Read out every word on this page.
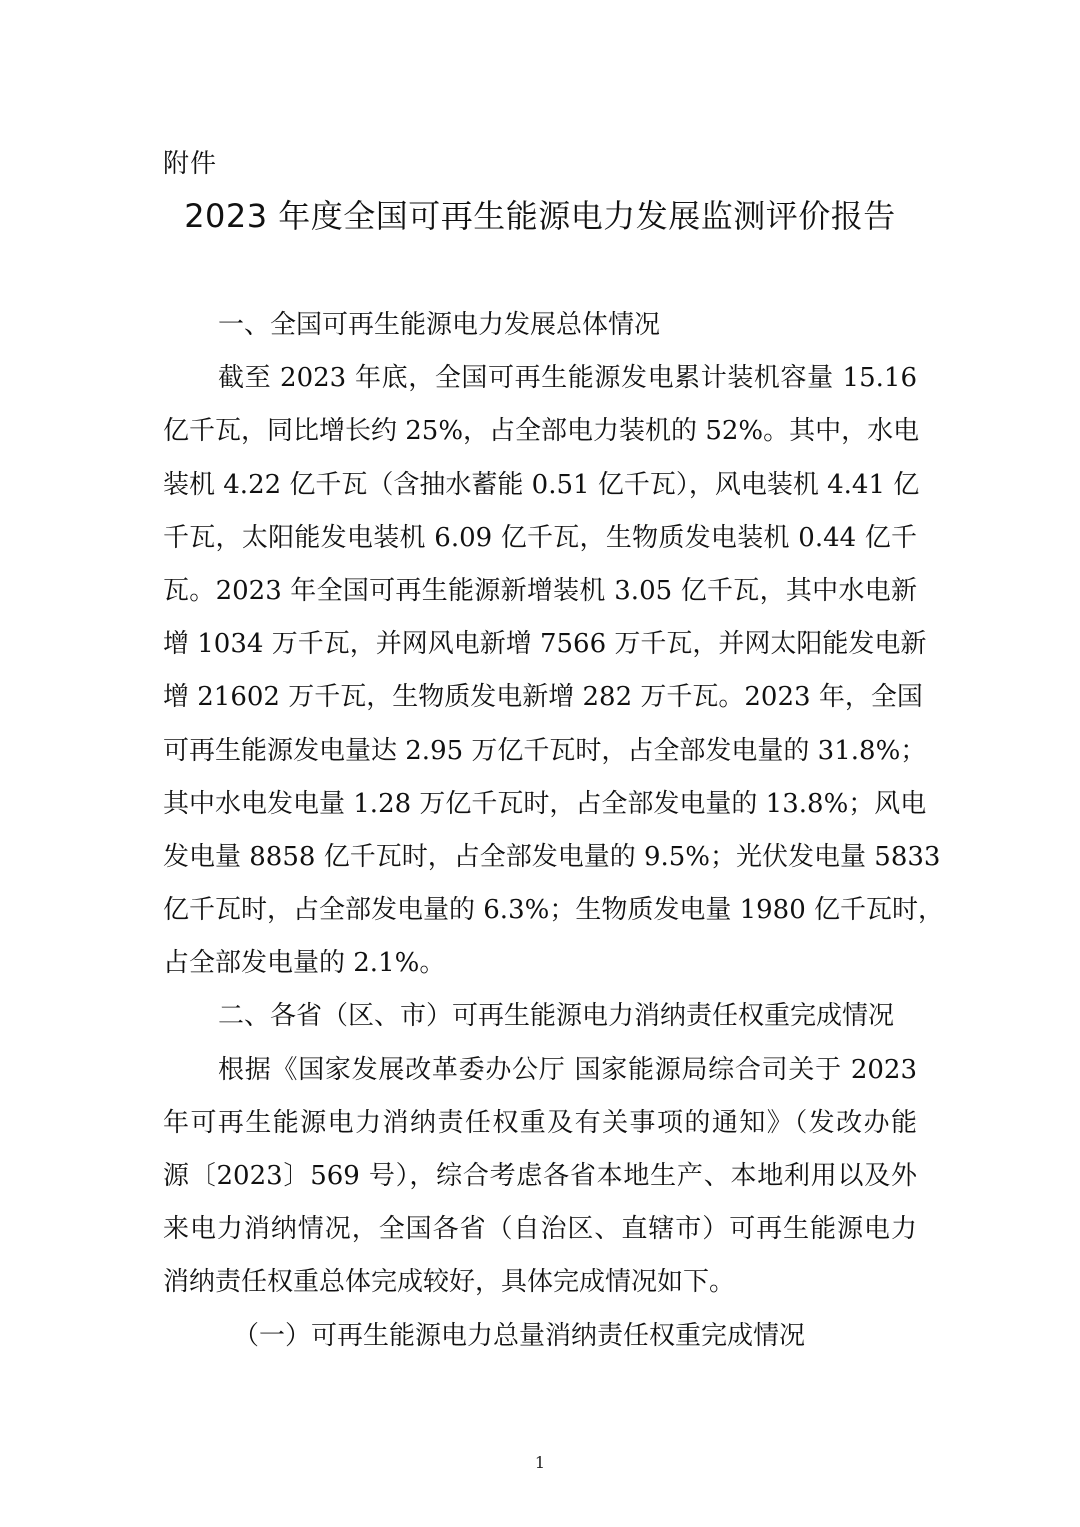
附件
2023 年度全国可再生能源电力发展监测评价报告
一、全国可再生能源电力发展总体情况
截至 2023 年底，全国可再生能源发电累计装机容量 15.16
亿千瓦，同比增长约 25%，占全部电力装机的 52%。其中，水电
装机 4.22 亿千瓦（含抽水蓄能 0.51 亿千瓦），风电装机 4.41 亿
千瓦，太阳能发电装机 6.09 亿千瓦，生物质发电装机 0.44 亿千
瓦。2023 年全国可再生能源新增装机 3.05 亿千瓦，其中水电新
增 1034 万千瓦，并网风电新增 7566 万千瓦，并网太阳能发电新
增 21602 万千瓦，生物质发电新增 282 万千瓦。2023 年，全国
可再生能源发电量达 2.95 万亿千瓦时，占全部发电量的 31.8%；
其中水电发电量 1.28 万亿千瓦时，占全部发电量的 13.8%；风电
发电量 8858 亿千瓦时，占全部发电量的 9.5%；光伏发电量 5833
亿千瓦时，占全部发电量的 6.3%；生物质发电量 1980 亿千瓦时，
占全部发电量的 2.1%。
二、各省（区、市）可再生能源电力消纳责任权重完成情况
根据《国家发展改革委办公厅 国家能源局综合司关于 2023
年可再生能源电力消纳责任权重及有关事项的通知》（发改办能
源〔2023〕569 号），综合考虑各省本地生产、本地利用以及外
来电力消纳情况，全国各省（自治区、直辖市）可再生能源电力
消纳责任权重总体完成较好，具体完成情况如下。
（一）可再生能源电力总量消纳责任权重完成情况
1
